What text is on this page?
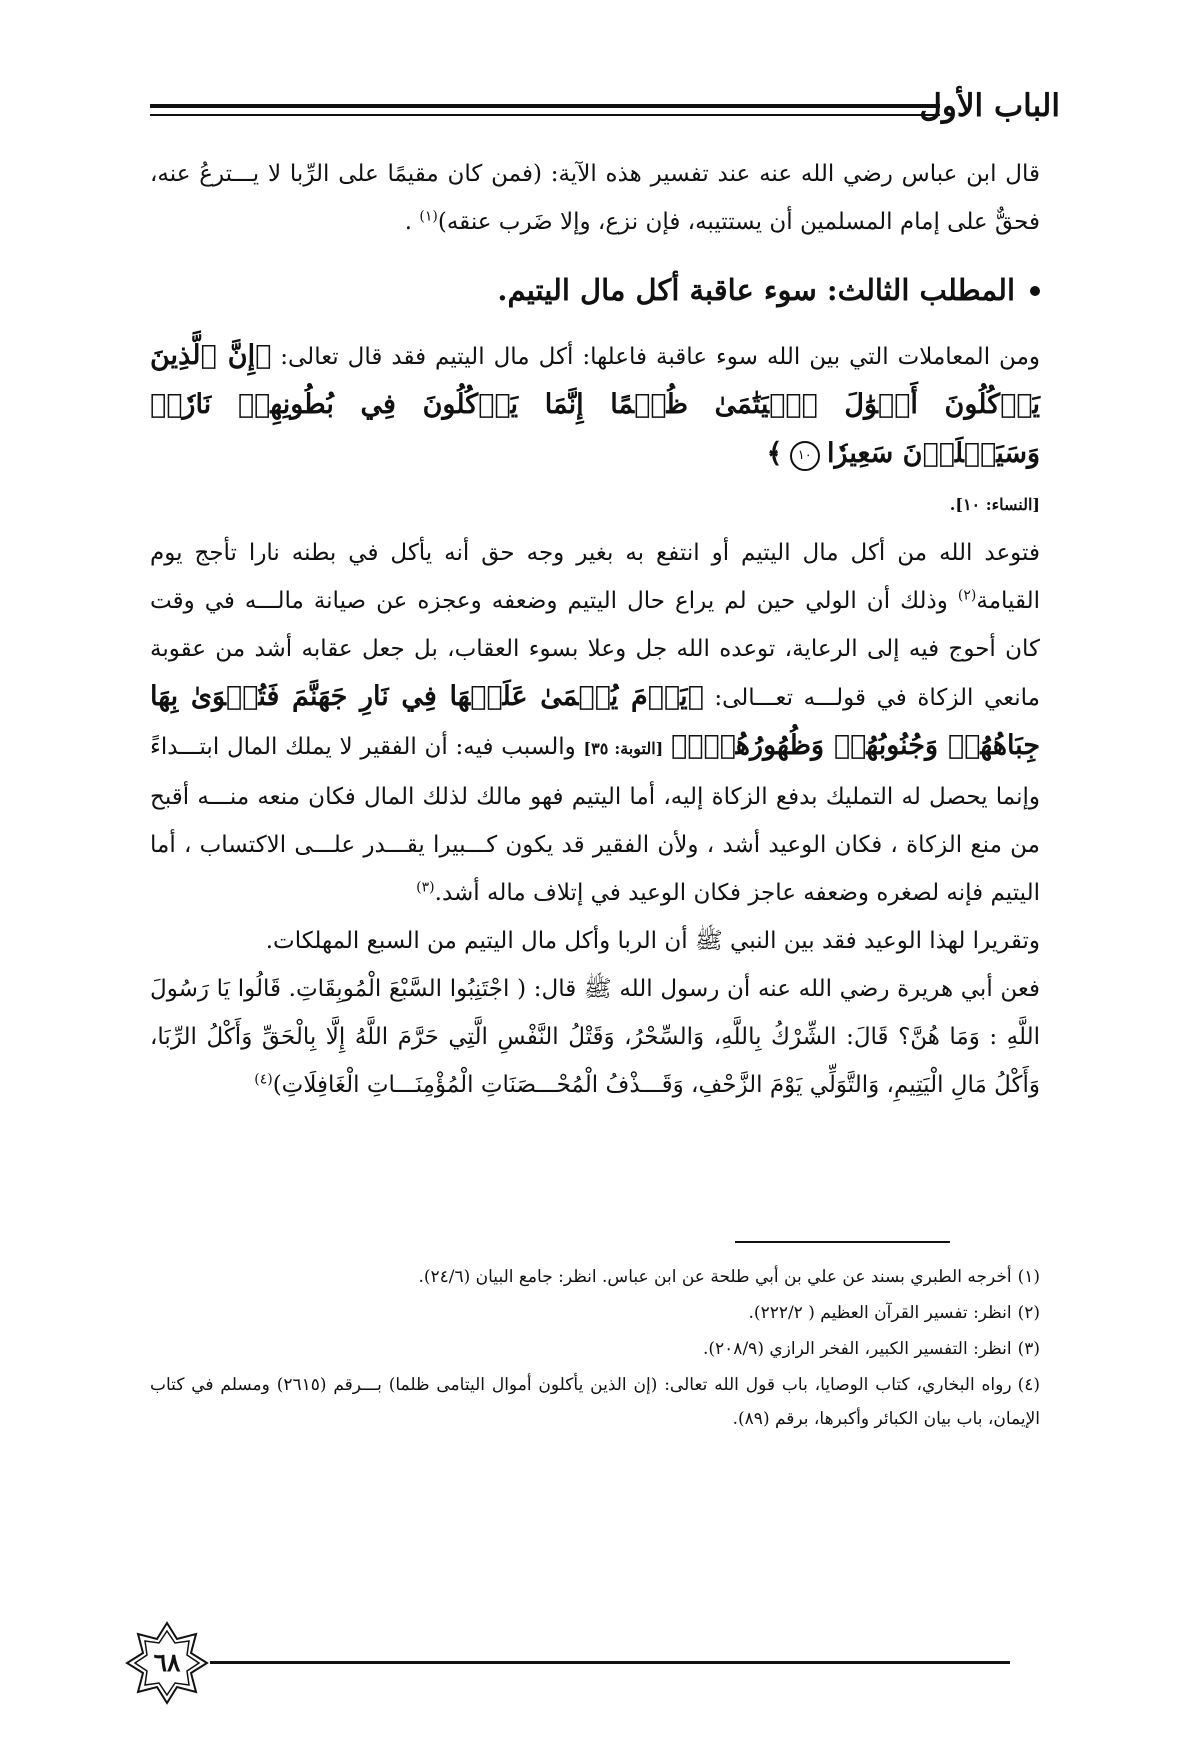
الباب الأول

قال ابن عباس رضي الله عنه عند تفسير هذه الآية: (فمن كان مقيمًا على الرِّبا لا يـــترعُ عنه، فحقٌّ على إمام المسلمين أن يستتيبه، فإن نزع، وإلا ضَرب عنقه)$^{(١)}$ .

المطلب الثالث: سوء عاقبة أكل مال اليتيم.

ومن المعاملات التي بين الله سوء عاقبة فاعلها: أكل مال اليتيم فقد قال تعالى: ﴿إِنَّ ٱلَّذِينَ يَأۡكُلُونَ أَمۡوَٰلَ ٱلۡيَتَٰمَىٰ ظُلۡمًا إِنَّمَا يَأۡكُلُونَ فِي بُطُونِهِمۡ نَارٗاۖ وَسَيَصۡلَوۡنَ سَعِيرٗا ١٠ ﴾
[النساء: ١٠].

فتوعد الله من أكل مال اليتيم أو انتفع به بغير وجه حق أنه يأكل في بطنه نارا تأجج يوم القيامة$^{(٢)}$ وذلك أن الولي حين لم يراع حال اليتيم وضعفه وعجزه عن صيانة مالـــه في وقت كان أحوج فيه إلى الرعاية، توعده الله جل وعلا بسوء العقاب، بل جعل عقابه أشد من عقوبة مانعي الزكاة في قولـــه تعـــالى: ﴿يَوۡمَ يُحۡمَىٰ عَلَيۡهَا فِي نَارِ جَهَنَّمَ فَتُكۡوَىٰ بِهَا جِبَاهُهُمۡ وَجُنُوبُهُمۡ وَظُهُورُهُمۡۖ﴾ [التوبة: ٣٥] والسبب فيه: أن الفقير لا يملك المال ابتـــداءً وإنما يحصل له التمليك بدفع الزكاة إليه، أما اليتيم فهو مالك لذلك المال فكان منعه منـــه أقبح من منع الزكاة ، فكان الوعيد أشد ، ولأن الفقير قد يكون كـــبيرا يقـــدر علـــى الاكتساب ، أما اليتيم فإنه لصغره وضعفه عاجز فكان الوعيد في إتلاف ماله أشد.$^{(٣)}$

وتقريرا لهذا الوعيد فقد بين النبي ﷺ أن الربا وأكل مال اليتيم من السبع المهلكات.

فعن أبي هريرة رضي الله عنه أن رسول الله ﷺ قال: ( اجْتَنِبُوا السَّبْعَ الْمُوبِقَاتِ. قَالُوا يَا رَسُولَ اللَّهِ : وَمَا هُنَّ؟ قَالَ: الشِّرْكُ بِاللَّهِ، وَالسِّحْرُ، وَقَتْلُ النَّفْسِ الَّتِي حَرَّمَ اللَّهُ إِلَّا بِالْحَقِّ وَأَكْلُ الرِّبَا، وَأَكْلُ مَالِ الْيَتِيمِ، وَالتَّوَلِّي يَوْمَ الزَّحْفِ، وَقَـــذْفُ الْمُحْـــصَنَاتِ الْمُؤْمِنَـــاتِ الْغَافِلَاتِ)$^{(٤)}$

(١)أخرجه الطبري بسند عن علي بن أبي طلحة عن ابن عباس. انظر: جامع البيان (٢٤/٦).

(٢)انظر: تفسير القرآن العظيم ( ٢٢٢/٢).

(٣)انظر: التفسير الكبير، الفخر الرازي (٢٠٨/٩).

(٤)رواه البخاري، كتاب الوصايا، باب قول الله تعالى: (إن الذين يأكلون أموال اليتامى ظلما) بـــرقم (٢٦١٥) ومسلم في كتاب الإيمان، باب بيان الكبائر وأكبرها، برقم (٨٩).

٦٨
